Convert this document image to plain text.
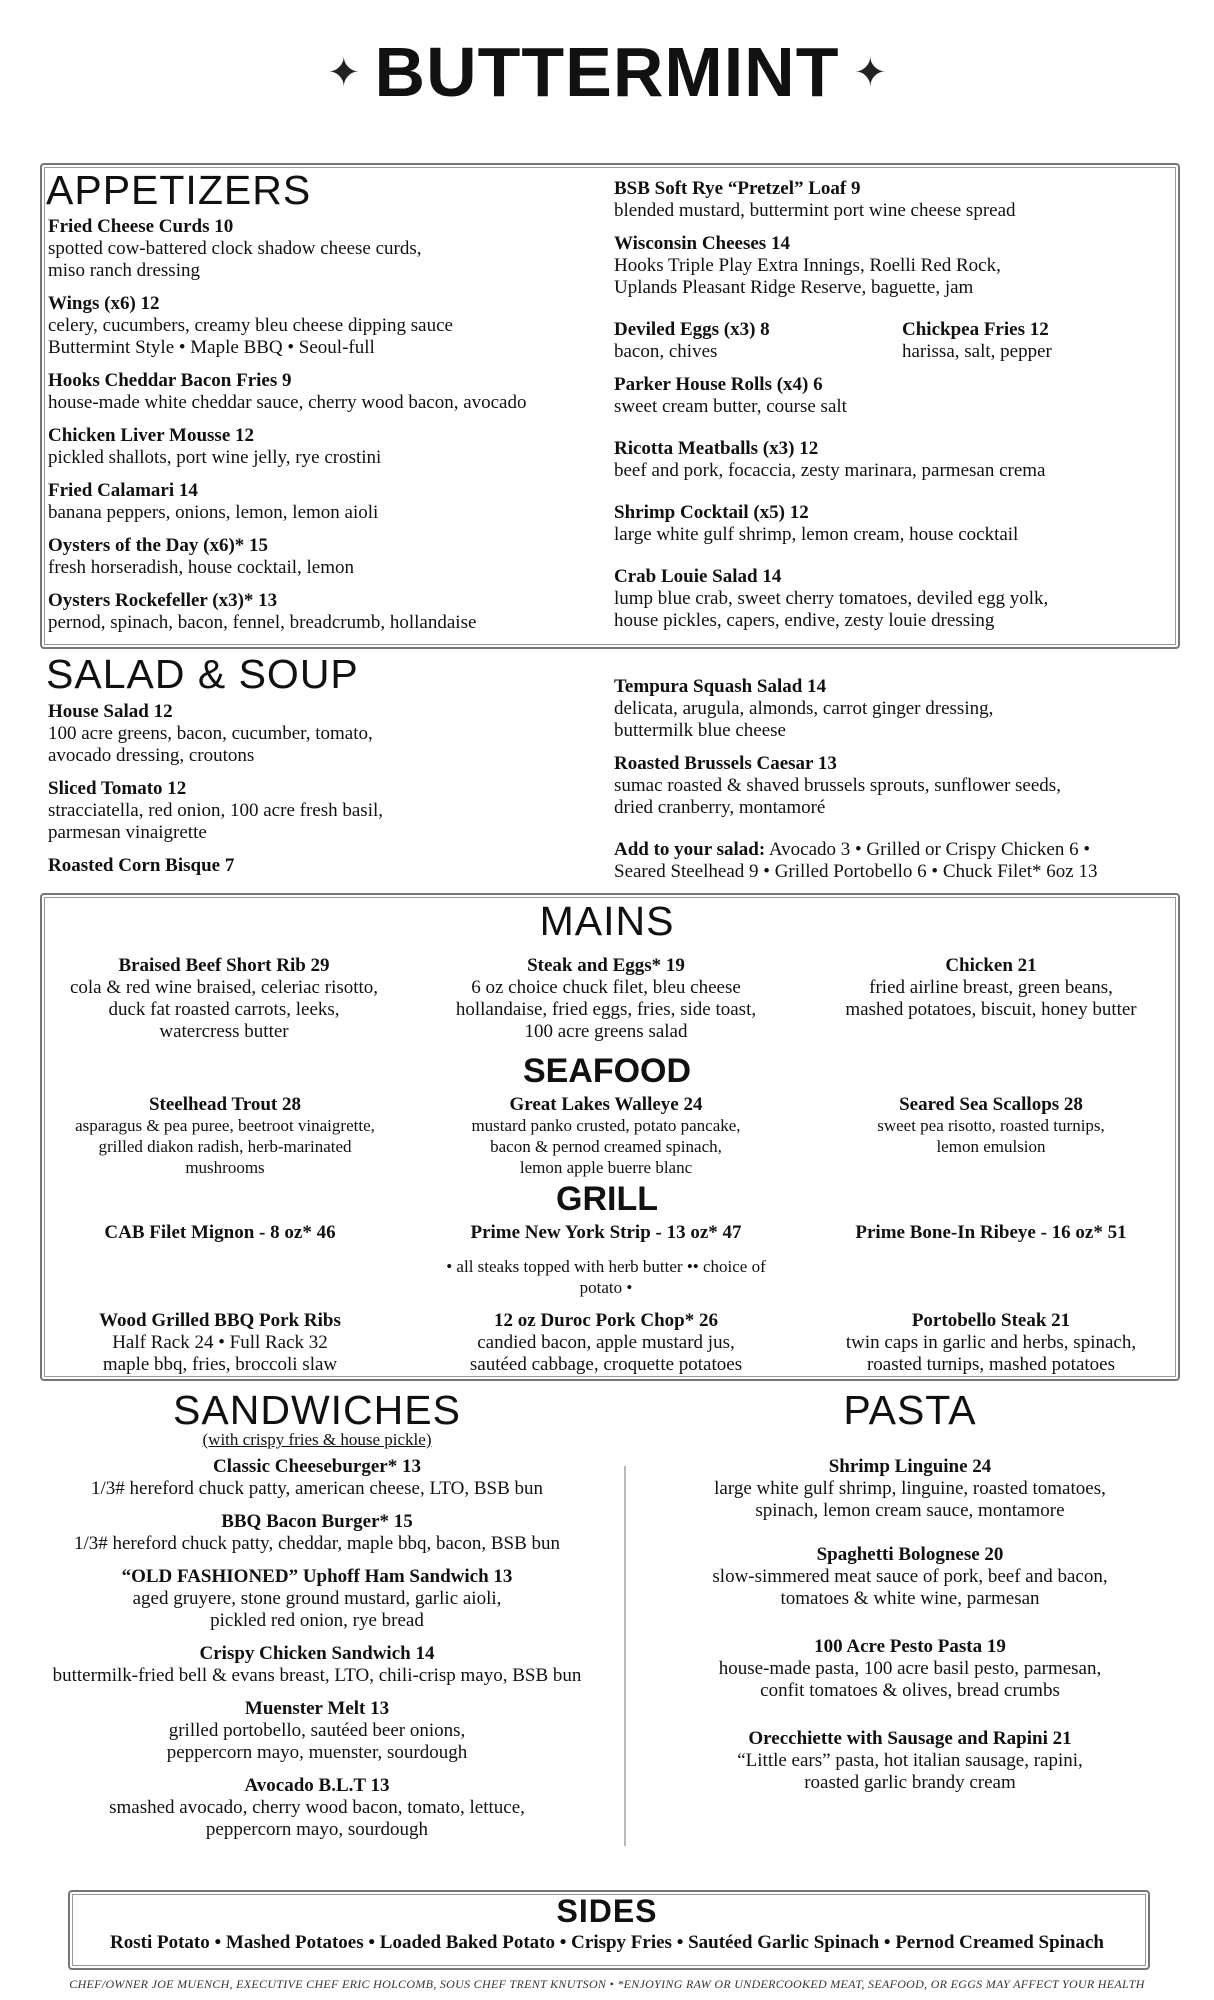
✦ BUTTERMINT ✦
APPETIZERS
Fried Cheese Curds 10
spotted cow-battered clock shadow cheese curds,
miso ranch dressing
Wings (x6) 12
celery, cucumbers, creamy bleu cheese dipping sauce
Buttermint Style • Maple BBQ • Seoul-full
Hooks Cheddar Bacon Fries 9
house-made white cheddar sauce, cherry wood bacon, avocado
Chicken Liver Mousse 12
pickled shallots, port wine jelly, rye crostini
Fried Calamari 14
banana peppers, onions, lemon, lemon aioli
Oysters of the Day (x6)* 15
fresh horseradish, house cocktail, lemon
Oysters Rockefeller (x3)* 13
pernod, spinach, bacon, fennel, breadcrumb, hollandaise
BSB Soft Rye “Pretzel” Loaf 9
blended mustard, buttermint port wine cheese spread
Wisconsin Cheeses 14
Hooks Triple Play Extra Innings, Roelli Red Rock,
Uplands Pleasant Ridge Reserve, baguette, jam
Deviled Eggs (x3) 8
bacon, chives
Chickpea Fries 12
harissa, salt, pepper
Parker House Rolls (x4) 6
sweet cream butter, course salt
Ricotta Meatballs (x3) 12
beef and pork, focaccia, zesty marinara, parmesan crema
Shrimp Cocktail (x5) 12
large white gulf shrimp, lemon cream, house cocktail
Crab Louie Salad 14
lump blue crab, sweet cherry tomatoes, deviled egg yolk,
house pickles, capers, endive, zesty louie dressing
SALAD & SOUP
House Salad 12
100 acre greens, bacon, cucumber, tomato,
avocado dressing, croutons
Sliced Tomato 12
stracciatella, red onion, 100 acre fresh basil,
parmesan vinaigrette
Roasted Corn Bisque 7
Tempura Squash Salad 14
delicata, arugula, almonds, carrot ginger dressing,
buttermilk blue cheese
Roasted Brussels Caesar 13
sumac roasted & shaved brussels sprouts, sunflower seeds,
dried cranberry, montamoré
Add to your salad: Avocado 3 • Grilled or Crispy Chicken 6 •
Seared Steelhead 9 • Grilled Portobello 6 • Chuck Filet* 6oz 13
MAINS
Braised Beef Short Rib 29
cola & red wine braised, celeriac risotto,
duck fat roasted carrots, leeks,
watercress butter
Steak and Eggs* 19
6 oz choice chuck filet, bleu cheese
hollandaise, fried eggs, fries, side toast,
100 acre greens salad
Chicken 21
fried airline breast, green beans,
mashed potatoes, biscuit, honey butter
SEAFOOD
Steelhead Trout 28
asparagus & pea puree, beetroot vinaigrette,
grilled diakon radish, herb-marinated
mushrooms
Great Lakes Walleye 24
mustard panko crusted, potato pancake,
bacon & pernod creamed spinach,
lemon apple buerre blanc
Seared Sea Scallops 28
sweet pea risotto, roasted turnips,
lemon emulsion
GRILL
CAB Filet Mignon - 8 oz* 46	Prime New York Strip - 13 oz* 47	Prime Bone-In Ribeye - 16 oz* 51
• all steaks topped with herb butter •• choice of potato •
Wood Grilled BBQ Pork Ribs
Half Rack 24 • Full Rack 32
maple bbq, fries, broccoli slaw
12 oz Duroc Pork Chop* 26
candied bacon, apple mustard jus,
sautéed cabbage, croquette potatoes
Portobello Steak 21
twin caps in garlic and herbs, spinach,
roasted turnips, mashed potatoes
SANDWICHES
(with crispy fries & house pickle)
Classic Cheeseburger* 13
1/3# hereford chuck patty, american cheese, LTO, BSB bun
BBQ Bacon Burger* 15
1/3# hereford chuck patty, cheddar, maple bbq, bacon, BSB bun
“OLD FASHIONED” Uphoff Ham Sandwich 13
aged gruyere, stone ground mustard, garlic aioli,
pickled red onion, rye bread
Crispy Chicken Sandwich 14
buttermilk-fried bell & evans breast, LTO, chili-crisp mayo, BSB bun
Muenster Melt 13
grilled portobello, sautéed beer onions,
peppercorn mayo, muenster, sourdough
Avocado B.L.T 13
smashed avocado, cherry wood bacon, tomato, lettuce,
peppercorn mayo, sourdough
PASTA
Shrimp Linguine 24
large white gulf shrimp, linguine, roasted tomatoes,
spinach, lemon cream sauce, montamore
Spaghetti Bolognese 20
slow-simmered meat sauce of pork, beef and bacon,
tomatoes & white wine, parmesan
100 Acre Pesto Pasta 19
house-made pasta, 100 acre basil pesto, parmesan,
confit tomatoes & olives, bread crumbs
Orecchiette with Sausage and Rapini 21
“Little ears” pasta, hot italian sausage, rapini,
roasted garlic brandy cream
SIDES
Rosti Potato • Mashed Potatoes • Loaded Baked Potato • Crispy Fries • Sautéed Garlic Spinach • Pernod Creamed Spinach
CHEF/OWNER JOE MUENCH, EXECUTIVE CHEF ERIC HOLCOMB, SOUS CHEF TRENT KNUTSON • *ENJOYING RAW OR UNDERCOOKED MEAT, SEAFOOD, OR EGGS MAY AFFECT YOUR HEALTH
